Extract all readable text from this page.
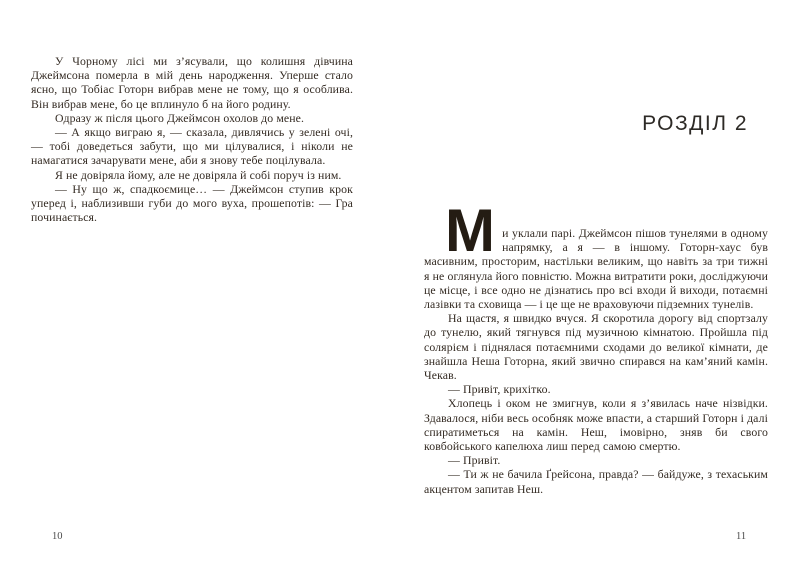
У Чорному лісі ми з’ясували, що колишня дівчина Джеймсона померла в мій день народження. Уперше стало ясно, що Тобіас Готорн вибрав мене не тому, що я особлива. Він вибрав мене, бо це вплинуло б на його родину.

Одразу ж після цього Джеймсон охолов до мене.

— А якщо виграю я, — сказала, дивлячись у зелені очі, — тобі доведеться забути, що ми цілувалися, і ніколи не намагатися зачарувати мене, аби я знову тебе поцілувала.

Я не довіряла йому, але не довіряла й собі поруч із ним.

— Ну що ж, спадкоємице… — Джеймсон ступив крок уперед і, наблизивши губи до мого вуха, прошепотів: — Гра починається.

10
РОЗДІЛ 2

Ми уклали парі. Джеймсон пішов тунелями в одному напрямку, а я — в іншому. Готорн-хаус був масивним, просторим, настільки великим, що навіть за три тижні я не оглянула його повністю. Можна витратити роки, досліджуючи це місце, і все одно не дізнатись про всі входи й виходи, потаємні лазівки та сховища — і це ще не враховуючи підземних тунелів.

На щастя, я швидко вчуся. Я скоротила дорогу від спортзалу до тунелю, який тягнувся під музичною кімнатою. Пройшла під солярієм і піднялася потаємними сходами до великої кімнати, де знайшла Неша Готорна, який звично спирався на кам’яний камін. Чекав.

— Привіт, крихітко.

Хлопець і оком не змигнув, коли я з’явилась наче нізвідки. Здавалося, ніби весь особняк може впасти, а старший Готорн і далі спиратиметься на камін. Неш, імовірно, зняв би свого ковбойського капелюха лиш перед самою смертю.

— Привіт.

— Ти ж не бачила Ґрейсона, правда? — байдуже, з техаським акцентом запитав Неш.

11
